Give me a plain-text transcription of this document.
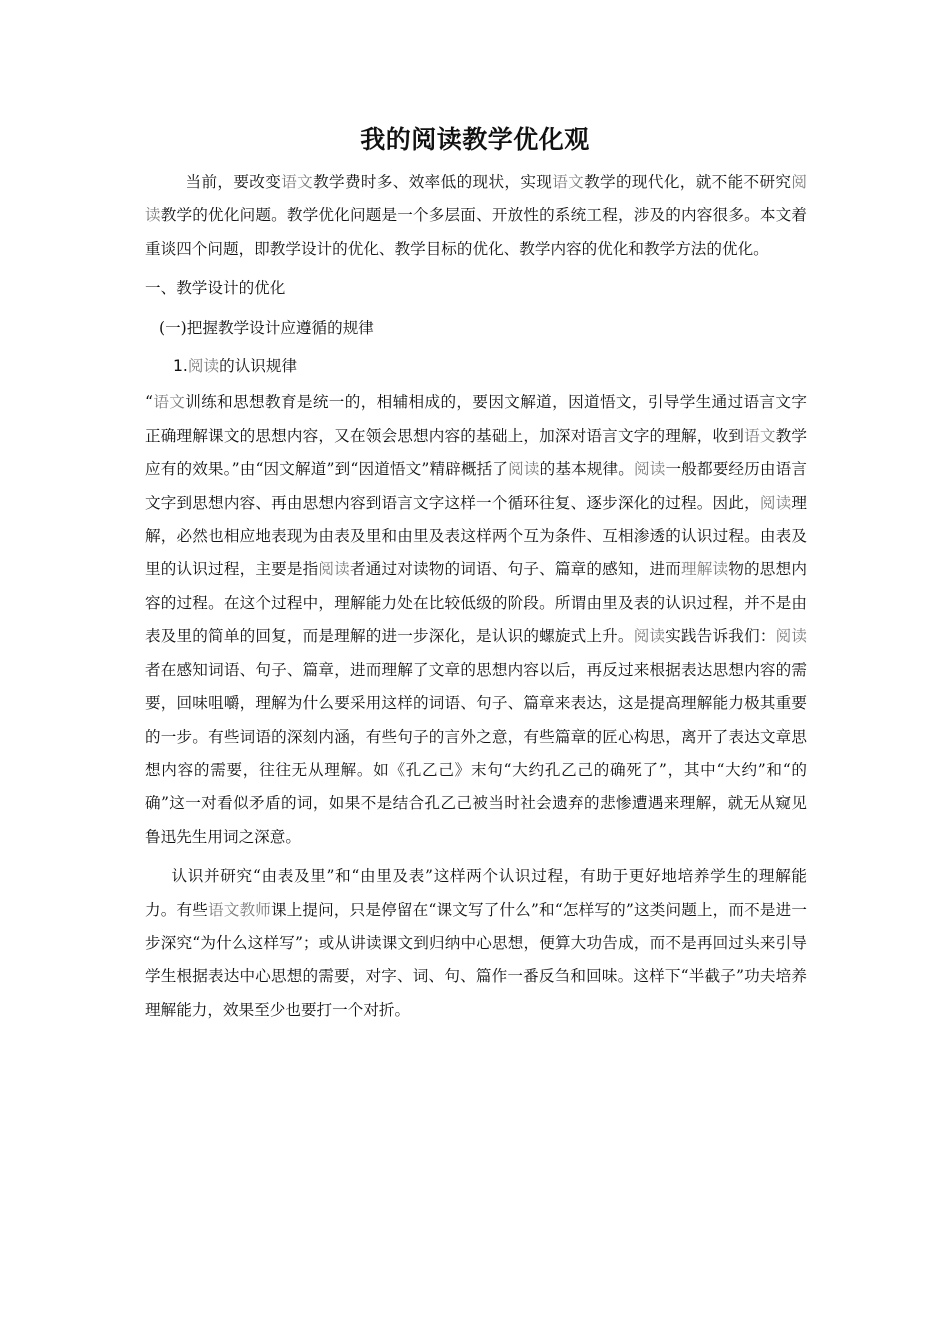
我的阅读教学优化观

当前，要改变语文教学费时多、效率低的现状，实现语文教学的现代化，就不能不研究阅读教学的优化问题。教学优化问题是一个多层面、开放性的系统工程，涉及的内容很多。本文着重谈四个问题，即教学设计的优化、教学目标的优化、教学内容的优化和教学方法的优化。

一、教学设计的优化

(一)把握教学设计应遵循的规律

1.阅读的认识规律

“语文训练和思想教育是统一的，相辅相成的，要因文解道，因道悟文，引导学生通过语言文字正确理解课文的思想内容，又在领会思想内容的基础上，加深对语言文字的理解，收到语文教学应有的效果。”由“因文解道”到“因道悟文”精辟概括了阅读的基本规律。阅读一般都要经历由语言文字到思想内容、再由思想内容到语言文字这样一个循环往复、逐步深化的过程。因此，阅读理解，必然也相应地表现为由表及里和由里及表这样两个互为条件、互相渗透的认识过程。由表及里的认识过程，主要是指阅读者通过对读物的词语、句子、篇章的感知，进而理解读物的思想内容的过程。在这个过程中，理解能力处在比较低级的阶段。所谓由里及表的认识过程，并不是由表及里的简单的回复，而是理解的进一步深化，是认识的螺旋式上升。阅读实践告诉我们：阅读者在感知词语、句子、篇章，进而理解了文章的思想内容以后，再反过来根据表达思想内容的需要，回味咀嚼，理解为什么要采用这样的词语、句子、篇章来表达，这是提高理解能力极其重要的一步。有些词语的深刻内涵，有些句子的言外之意，有些篇章的匠心构思，离开了表达文章思想内容的需要，往往无从理解。如《孔乙己》末句“大约孔乙己的确死了”，其中“大约”和“的确”这一对看似矛盾的词，如果不是结合孔乙己被当时社会遗弃的悲惨遭遇来理解，就无从窥见鲁迅先生用词之深意。

认识并研究“由表及里”和“由里及表”这样两个认识过程，有助于更好地培养学生的理解能力。有些语文教师课上提问，只是停留在“课文写了什么”和“怎样写的”这类问题上，而不是进一步深究“为什么这样写”；或从讲读课文到归纳中心思想，便算大功告成，而不是再回过头来引导学生根据表达中心思想的需要，对字、词、句、篇作一番反刍和回味。这样下“半截子”功夫培养理解能力，效果至少也要打一个对折。
